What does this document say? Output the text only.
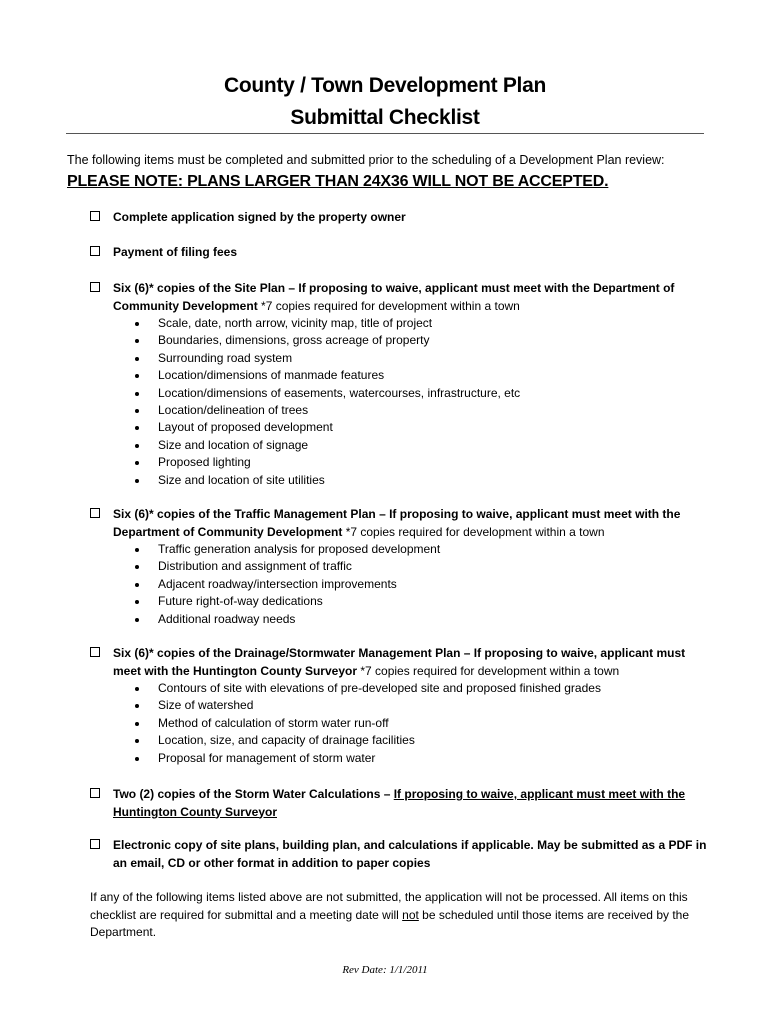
County / Town Development Plan
Submittal Checklist
The following items must be completed and submitted prior to the scheduling of a Development Plan review:
PLEASE NOTE: PLANS LARGER THAN 24X36 WILL NOT BE ACCEPTED.
Complete application signed by the property owner
Payment of filing fees
Six (6)* copies of the Site Plan – If proposing to waive, applicant must meet with the Department of Community Development *7 copies required for development within a town
Scale, date, north arrow, vicinity map, title of project
Boundaries, dimensions, gross acreage of property
Surrounding road system
Location/dimensions of manmade features
Location/dimensions of easements, watercourses, infrastructure, etc
Location/delineation of trees
Layout of proposed development
Size and location of signage
Proposed lighting
Size and location of site utilities
Six (6)* copies of the Traffic Management Plan – If proposing to waive, applicant must meet with the Department of Community Development *7 copies required for development within a town
Traffic generation analysis for proposed development
Distribution and assignment of traffic
Adjacent roadway/intersection improvements
Future right-of-way dedications
Additional roadway needs
Six (6)* copies of the Drainage/Stormwater Management Plan – If proposing to waive, applicant must meet with the Huntington County Surveyor *7 copies required for development within a town
Contours of site with elevations of pre-developed site and proposed finished grades
Size of watershed
Method of calculation of storm water run-off
Location, size, and capacity of drainage facilities
Proposal for management of storm water
Two (2) copies of the Storm Water Calculations – If proposing to waive, applicant must meet with the Huntington County Surveyor
Electronic copy of site plans, building plan, and calculations if applicable. May be submitted as a PDF in an email, CD or other format in addition to paper copies
If any of the following items listed above are not submitted, the application will not be processed. All items on this checklist are required for submittal and a meeting date will not be scheduled until those items are received by the Department.
Rev Date: 1/1/2011
